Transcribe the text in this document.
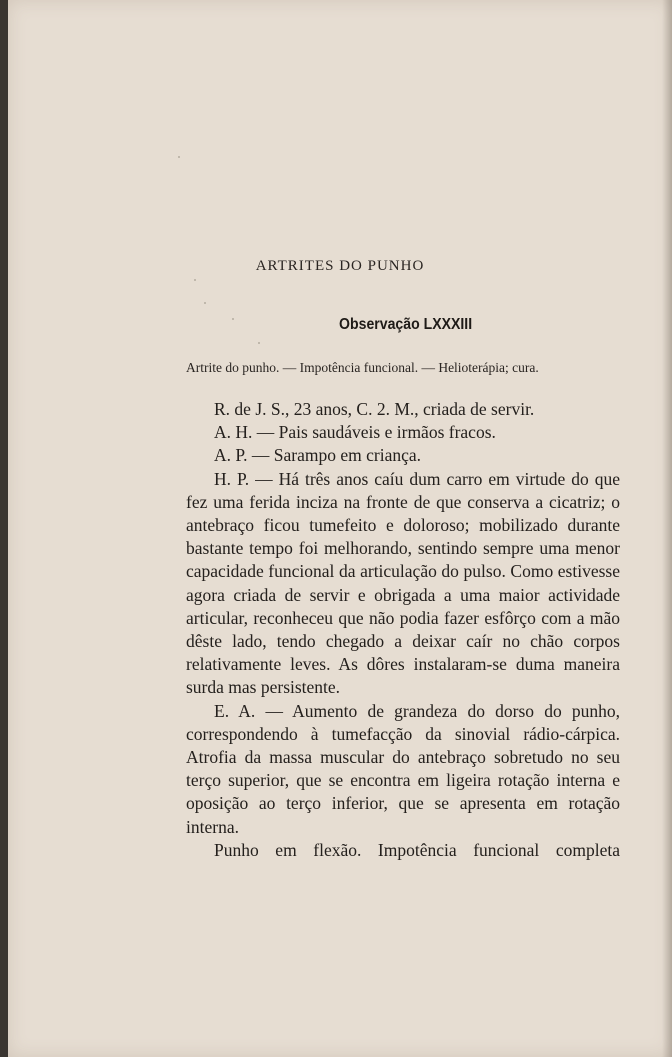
ARTRITES DO PUNHO
Observação LXXXIII
Artrite do punho. — Impotência funcional. — Helioterápia; cura.

R. de J. S., 23 anos, C. 2. M., criada de servir.

A. H. — Pais saudáveis e irmãos fracos.

A. P. — Sarampo em criança.

H. P. — Há três anos caíu dum carro em virtude do que fez uma ferida inciza na fronte de que conserva a cicatriz; o antebraço ficou tumefeito e doloroso; mobilizado durante bastante tempo foi melhorando, sentindo sempre uma menor capacidade funcional da articulação do pulso. Como estivesse agora criada de servir e obrigada a uma maior actividade articular, reconheceu que não podia fazer esfôrço com a mão dêste lado, tendo chegado a deixar caír no chão corpos relativamente leves. As dôres instalaram-se duma maneira surda mas persistente.

E. A. — Aumento de grandeza do dorso do punho, correspondendo à tumefacção da sinovial rádio-cárpica. Atrofia da massa muscular do antebraço sobretudo no seu terço superior, que se encontra em ligeira rotação interna e oposição ao terço inferior, que se apresenta em rotação interna.

Punho em flexão. Impotência funcional completa
